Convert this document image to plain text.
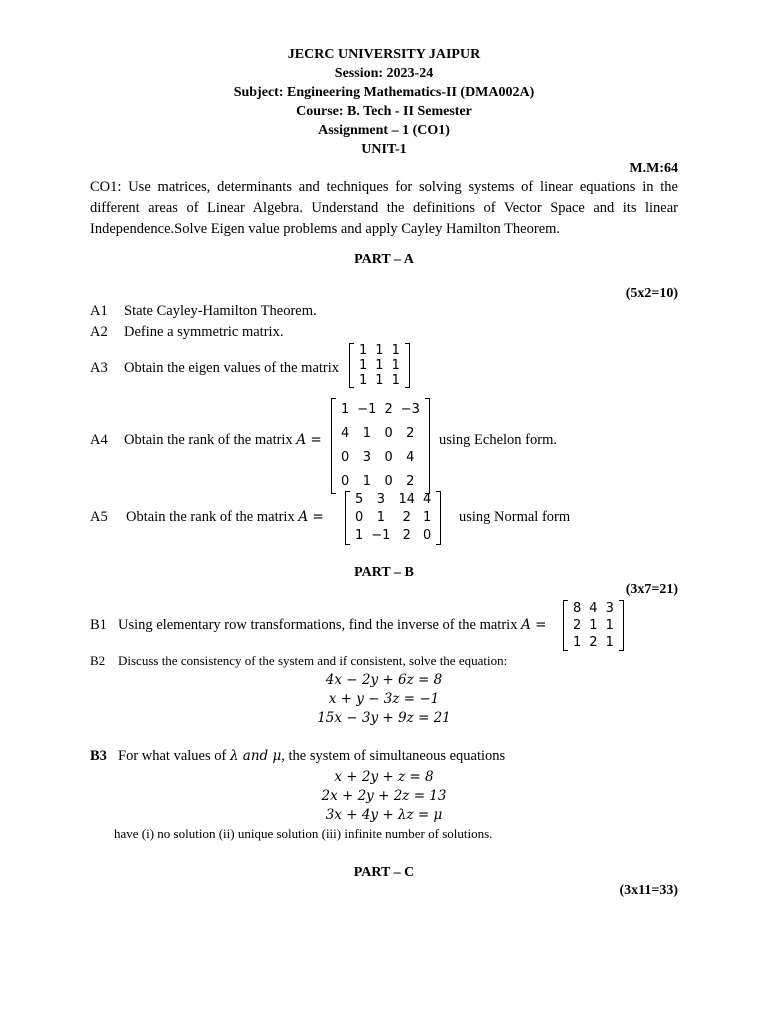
JECRC UNIVERSITY JAIPUR
Session: 2023-24
Subject: Engineering Mathematics-II (DMA002A)
Course: B. Tech - II Semester
Assignment – 1 (CO1)
UNIT-1
M.M:64
CO1: Use matrices, determinants and techniques for solving systems of linear equations in the different areas of Linear Algebra. Understand the definitions of Vector Space and its linear Independence.Solve Eigen value problems and apply Cayley Hamilton Theorem.
PART – A
(5x2=10)
A1 State Cayley-Hamilton Theorem.
A2 Define a symmetric matrix.
A3 Obtain the eigen values of the matrix
1	1	1
1	1	1
1	1	1
A4 Obtain the rank of the matrix A =
1	−1	2	−3
4	1	0	2
0	3	0	4
0	1	0	2
using Echelon form.
A5 Obtain the rank of the matrix A =
5	3	14	4
0	1	2	1
1	−1	2	0
using Normal form
PART – B
(3x7=21)
B1 Using elementary row transformations, find the inverse of the matrix A =
8	4	3
2	1	1
1	2	1
B2 Discuss the consistency of the system and if consistent, solve the equation:
4x − 2y + 6z = 8
x + y − 3z = −1
15x − 3y + 9z = 21
B3 For what values of λ and μ, the system of simultaneous equations
x + 2y + z = 8
2x + 2y + 2z = 13
3x + 4y + λz = μ
have (i) no solution (ii) unique solution (iii) infinite number of solutions.
PART – C
(3x11=33)
